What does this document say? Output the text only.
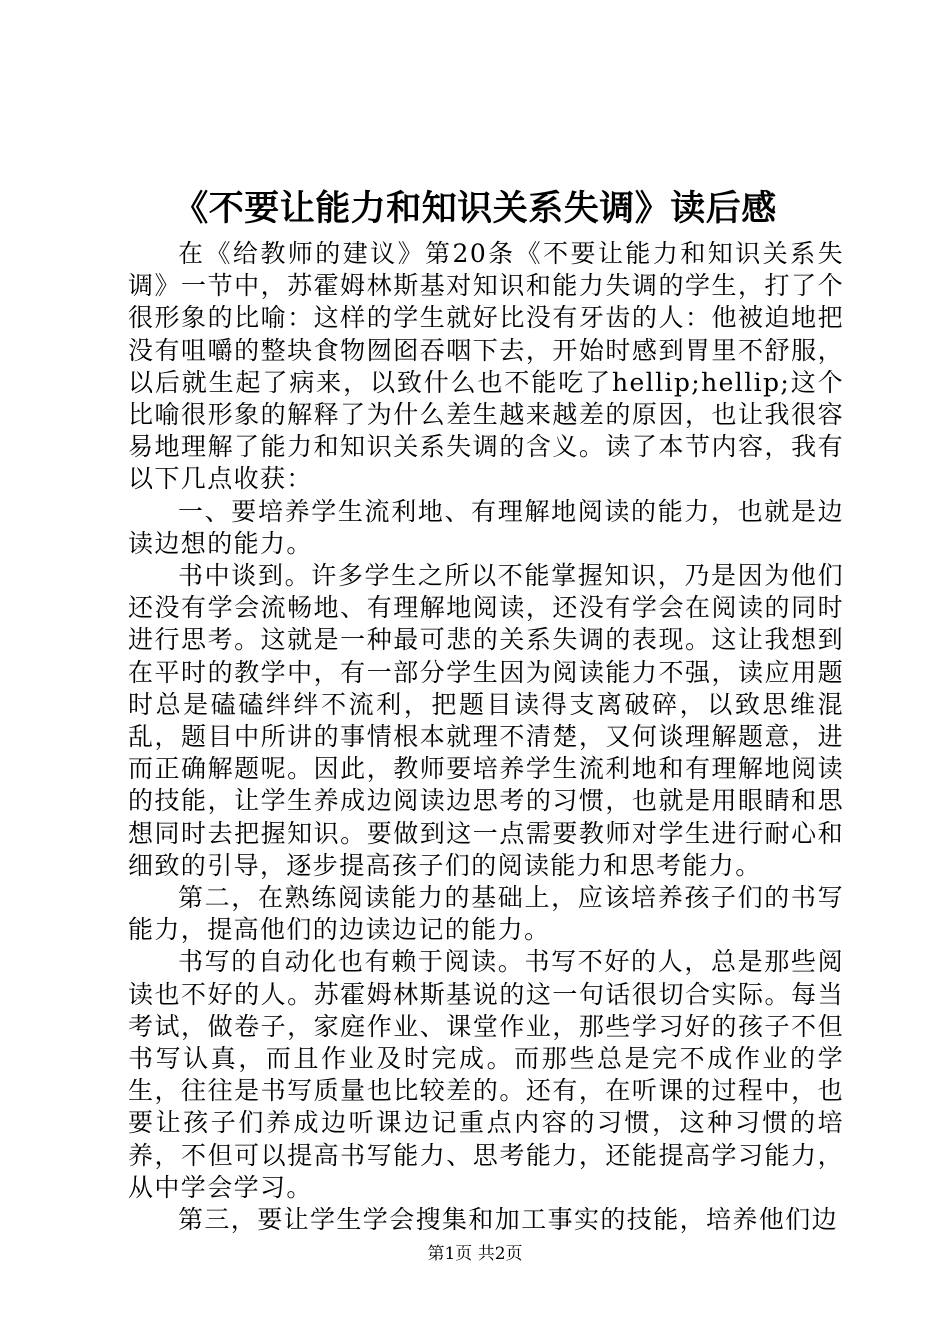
《不要让能力和知识关系失调》读后感

在《给教师的建议》第20条《不要让能力和知识关系失调》一节中，苏霍姆林斯基对知识和能力失调的学生，打了个很形象的比喻：这样的学生就好比没有牙齿的人：他被迫地把没有咀嚼的整块食物囫囵吞咽下去，开始时感到胃里不舒服，以后就生起了病来，以致什么也不能吃了hellip;hellip;这个比喻很形象的解释了为什么差生越来越差的原因，也让我很容易地理解了能力和知识关系失调的含义。读了本节内容，我有以下几点收获：

一、要培养学生流利地、有理解地阅读的能力，也就是边读边想的能力。

书中谈到。许多学生之所以不能掌握知识，乃是因为他们还没有学会流畅地、有理解地阅读，还没有学会在阅读的同时进行思考。这就是一种最可悲的关系失调的表现。这让我想到在平时的教学中，有一部分学生因为阅读能力不强，读应用题时总是磕磕绊绊不流利，把题目读得支离破碎，以致思维混乱，题目中所讲的事情根本就理不清楚，又何谈理解题意，进而正确解题呢。因此，教师要培养学生流利地和有理解地阅读的技能，让学生养成边阅读边思考的习惯，也就是用眼睛和思想同时去把握知识。要做到这一点需要教师对学生进行耐心和细致的引导，逐步提高孩子们的阅读能力和思考能力。

第二，在熟练阅读能力的基础上，应该培养孩子们的书写能力，提高他们的边读边记的能力。

书写的自动化也有赖于阅读。书写不好的人，总是那些阅读也不好的人。苏霍姆林斯基说的这一句话很切合实际。每当考试，做卷子，家庭作业、课堂作业，那些学习好的孩子不但书写认真，而且作业及时完成。而那些总是完不成作业的学生，往往是书写质量也比较差的。还有，在听课的过程中，也要让孩子们养成边听课边记重点内容的习惯，这种习惯的培养，不但可以提高书写能力、思考能力，还能提高学习能力，从中学会学习。

第三，要让学生学会搜集和加工事实的技能，培养他们边

第1页 共2页
